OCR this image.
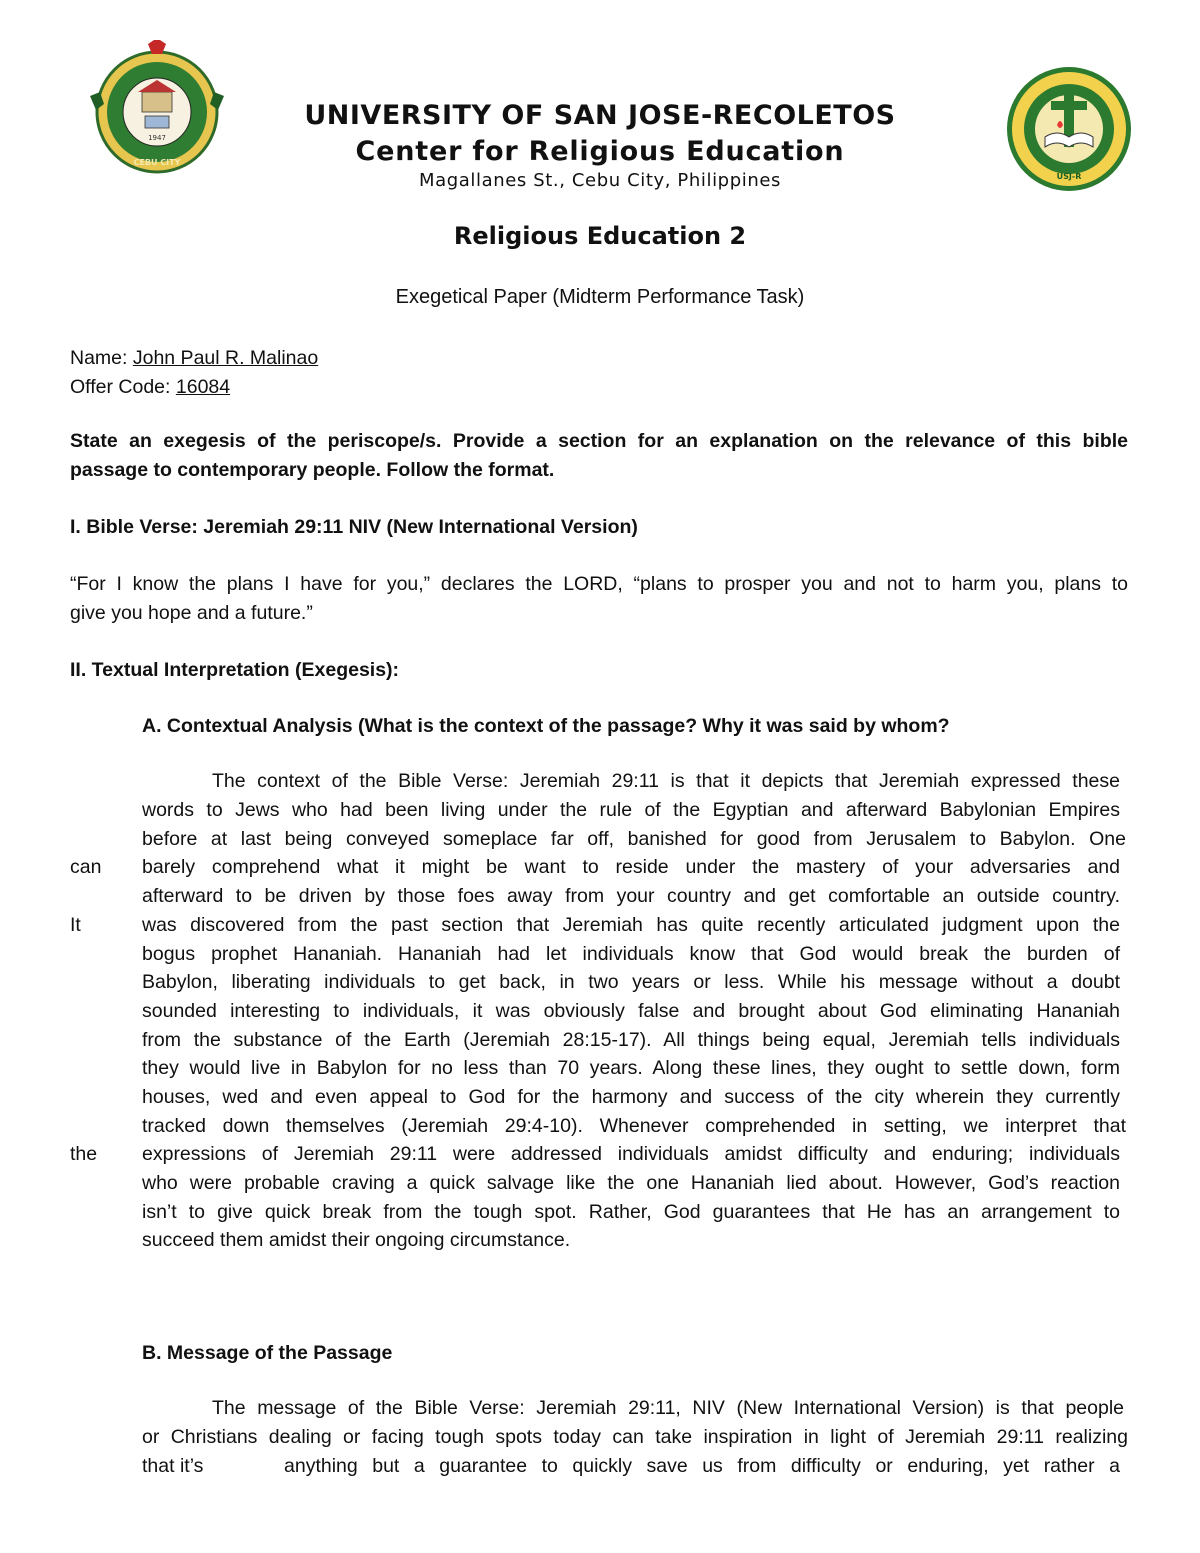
1947
CEBU CITY
USJ-R

UNIVERSITY OF SAN JOSE-RECOLETOS

Center for Religious Education

Magallanes St., Cebu City, Philippines

Religious Education 2

Exegetical Paper (Midterm Performance Task)

Name: John Paul R. Malinao
Offer Code: 16084

State an exegesis of the periscope/s. Provide a section for an explanation on the relevance of this bible

passage to contemporary people. Follow the format.

I. Bible Verse: Jeremiah 29:11 NIV (New International Version)

“For I know the plans I have for you,” declares the LORD, “plans to prosper you and not to harm you, plans to

give you hope and a future.”

II. Textual Interpretation (Exegesis):

A. Contextual Analysis (What is the context of the passage? Why it was said by whom?

can
It
the

The context of the Bible Verse: Jeremiah 29:11 is that it depicts that Jeremiah expressed these

words to Jews who had been living under the rule of the Egyptian and afterward Babylonian Empires

before at last being conveyed someplace far off, banished for good from Jerusalem to Babylon. One

barely comprehend what it might be want to reside under the mastery of your adversaries and

afterward to be driven by those foes away from your country and get comfortable an outside country.

was discovered from the past section that Jeremiah has quite recently articulated judgment upon the

bogus prophet Hananiah. Hananiah had let individuals know that God would break the burden of

Babylon, liberating individuals to get back, in two years or less. While his message without a doubt

sounded interesting to individuals, it was obviously false and brought about God eliminating Hananiah

from the substance of the Earth (Jeremiah 28:15-17). All things being equal, Jeremiah tells individuals

they would live in Babylon for no less than 70 years. Along these lines, they ought to settle down, form

houses, wed and even appeal to God for the harmony and success of the city wherein they currently

tracked down themselves (Jeremiah 29:4-10). Whenever comprehended in setting, we interpret that

expressions of Jeremiah 29:11 were addressed individuals amidst difficulty and enduring; individuals

who were probable craving a quick salvage like the one Hananiah lied about. However, God’s reaction

isn’t to give quick break from the tough spot. Rather, God guarantees that He has an arrangement to

succeed them amidst their ongoing circumstance.

B. Message of the Passage

The message of the Bible Verse: Jeremiah 29:11, NIV (New International Version) is that people

or Christians dealing or facing tough spots today can take inspiration in light of Jeremiah 29:11 realizing

that it’s	anything but a guarantee to quickly save us from difficulty or enduring, yet rather a
